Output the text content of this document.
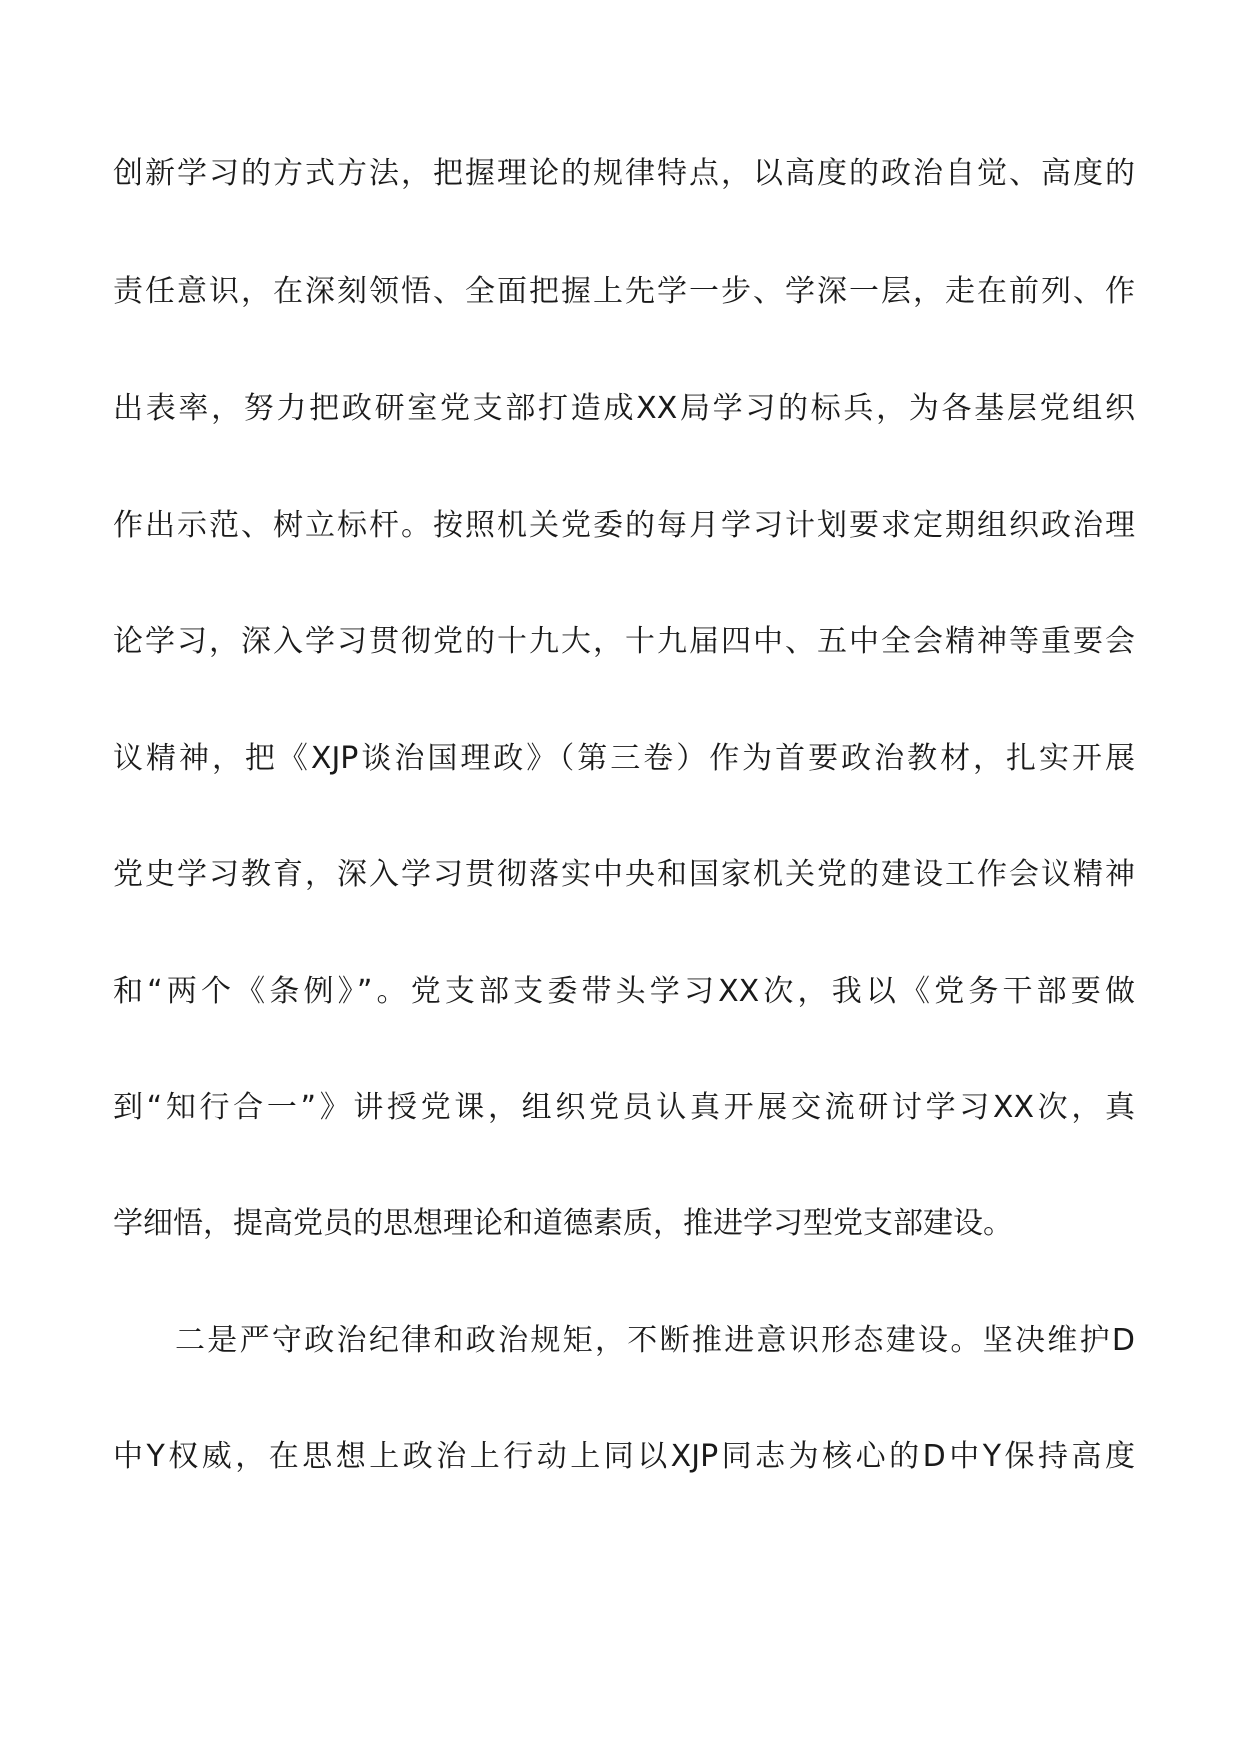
创新学习的方式方法，把握理论的规律特点，以高度的政治自觉、高度的
责任意识，在深刻领悟、全面把握上先学一步、学深一层，走在前列、作
出表率，努力把政研室党支部打造成XX局学习的标兵，为各基层党组织
作出示范、树立标杆。按照机关党委的每月学习计划要求定期组织政治理
论学习，深入学习贯彻党的十九大，十九届四中、五中全会精神等重要会
议精神，把《XJP谈治国理政》（第三卷）作为首要政治教材，扎实开展
党史学习教育，深入学习贯彻落实中央和国家机关党的建设工作会议精神
和“两个《条例》”。党支部支委带头学习XX次，我以《党务干部要做
到“知行合一”》讲授党课，组织党员认真开展交流研讨学习XX次，真
学细悟，提高党员的思想理论和道德素质，推进学习型党支部建设。
二是严守政治纪律和政治规矩，不断推进意识形态建设。坚决维护D
中Y权威，在思想上政治上行动上同以XJP同志为核心的D中Y保持高度
